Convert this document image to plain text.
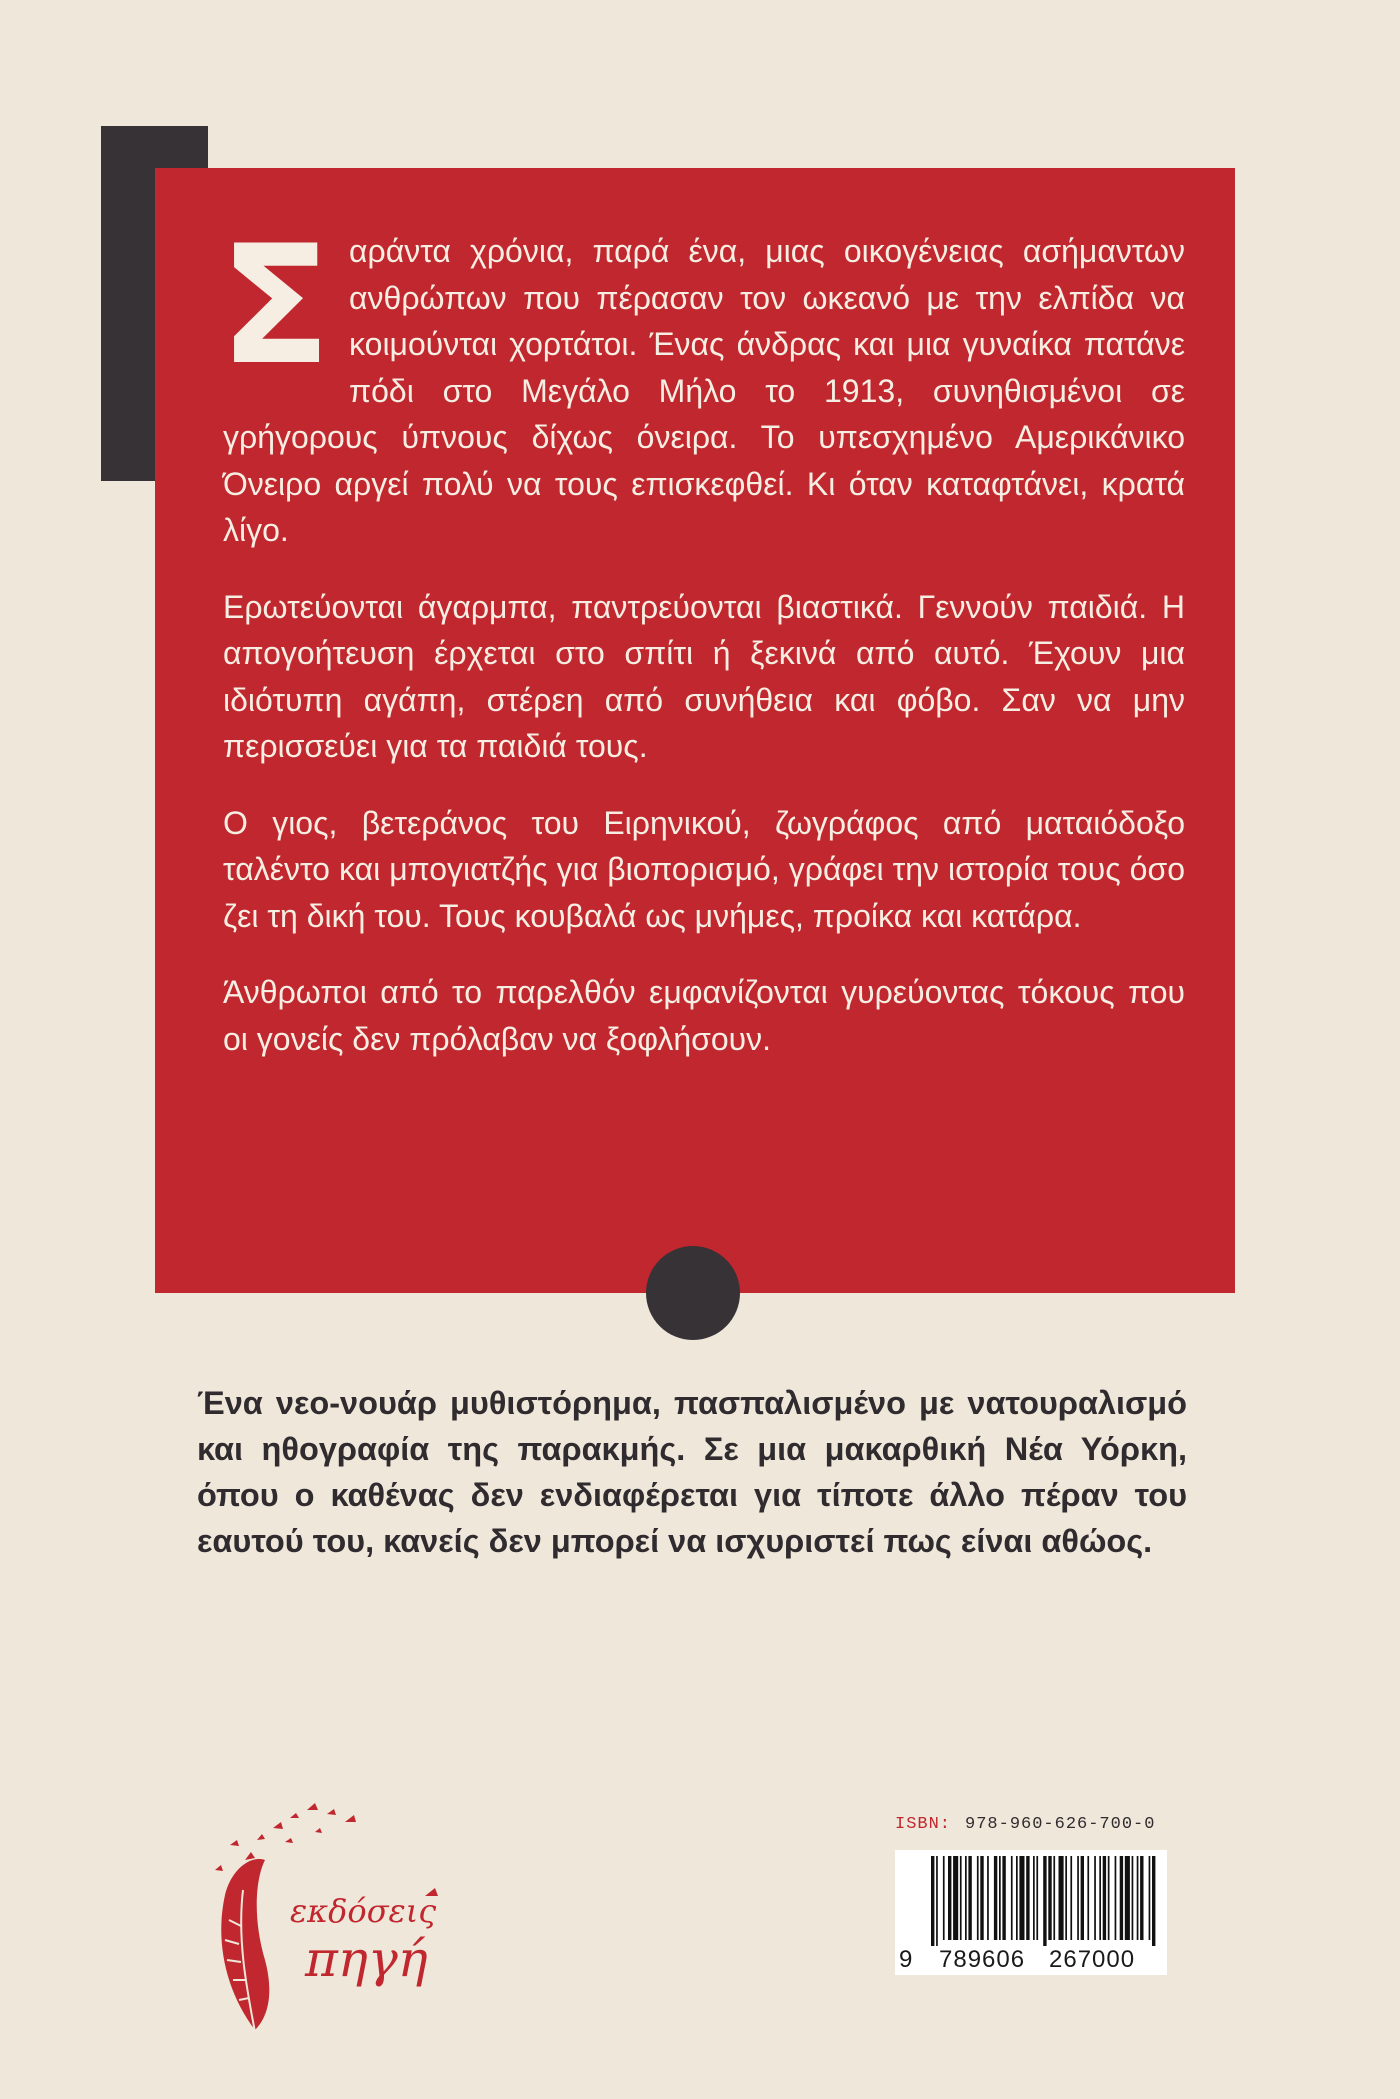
Σ αράντα χρόνια, παρά ένα, μιας οικογένειας ασήμαντων ανθρώπων που πέρασαν τον ωκεανό με την ελπίδα να κοιμούνται χορτάτοι. Ένας άνδρας και μια γυναίκα πατάνε πόδι στο Μεγάλο Μήλο το 1913, συνηθισμένοι σε γρήγορους ύπνους δίχως όνειρα. Το υπεσχημένο Αμερικάνικο Όνειρο αργεί πολύ να τους επισκεφθεί. Κι όταν καταφτάνει, κρατά λίγο.

Ερωτεύονται άγαρμπα, παντρεύονται βιαστικά. Γεννούν παιδιά. Η απογοήτευση έρχεται στο σπίτι ή ξεκινά από αυτό. Έχουν μια ιδιότυπη αγάπη, στέρεη από συνήθεια και φόβο. Σαν να μην περισσεύει για τα παιδιά τους.

Ο γιος, βετεράνος του Ειρηνικού, ζωγράφος από ματαιόδοξο ταλέντο και μπογιατζής για βιοπορισμό, γράφει την ιστορία τους όσο ζει τη δική του. Τους κουβαλά ως μνήμες, προίκα και κατάρα.

Άνθρωποι από το παρελθόν εμφανίζονται γυρεύοντας τόκους που οι γονείς δεν πρόλαβαν να ξοφλήσουν.

Ένα νεο-νουάρ μυθιστόρημα, πασπαλισμένο με νατουραλισμό και ηθογραφία της παρακμής. Σε μια μακαρθική Νέα Υόρκη, όπου ο καθένας δεν ενδιαφέρεται για τίποτε άλλο πέραν του εαυτού του, κανείς δεν μπορεί να ισχυριστεί πως είναι αθώος.

εκδόσεις
πηγή
ISBN: 978-960-626-700-0
9 789606 267000
